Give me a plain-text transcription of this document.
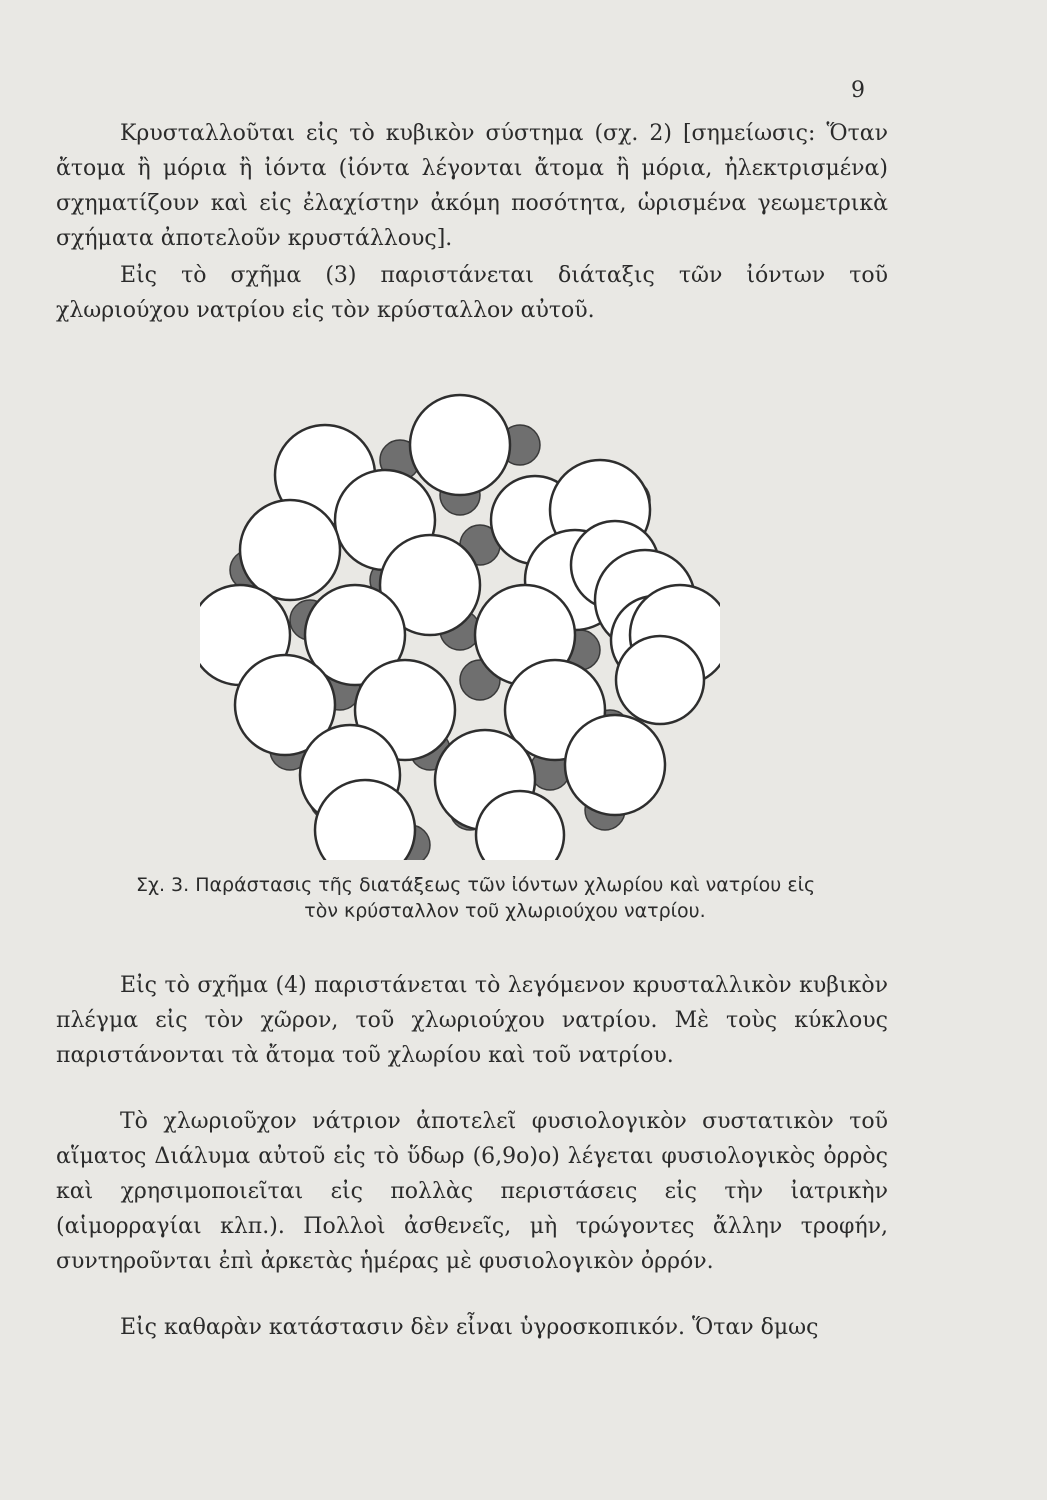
9

Κρυσταλλοῦται εἰς τὸ κυβικὸν σύστημα (σχ. 2) [σημείωσις: Ὅταν ἄτομα ἢ μόρια ἢ ἰόντα (ἰόντα λέγονται ἄτομα ἢ μόρια, ἠλεκτρισμένα) σχηματίζουν καὶ εἰς ἐλαχίστην ἀκόμη ποσότητα, ὡρισμένα γεωμετρικὰ σχήματα ἀποτελοῦν κρυστάλλους].

Εἰς τὸ σχῆμα (3) παριστάνεται διάταξις τῶν ἰόντων τοῦ χλωριούχου νατρίου εἰς τὸν κρύσταλλον αὐτοῦ.

Σχ. 3. Παράστασις τῆς διατάξεως τῶν ἰόντων χλωρίου καὶ νατρίου εἰς
τὸν κρύσταλλον τοῦ χλωριούχου νατρίου.

Εἰς τὸ σχῆμα (4) παριστάνεται τὸ λεγόμενον κρυσταλλικὸν κυβικὸν πλέγμα εἰς τὸν χῶρον, τοῦ χλωριούχου νατρίου. Μὲ τοὺς κύκλους παριστάνονται τὰ ἄτομα τοῦ χλωρίου καὶ τοῦ νατρίου.

Τὸ χλωριοῦχον νάτριον ἀποτελεῖ φυσιολογικὸν συστατικὸν τοῦ αἵματος Διάλυμα αὐτοῦ εἰς τὸ ὕδωρ (6,9ο)ο) λέγεται φυσιολογικὸς ὀρρὸς καὶ χρησιμοποιεῖται εἰς πολλὰς περιστάσεις εἰς τὴν ἰατρικὴν (αἱμορραγίαι κλπ.). Πολλοὶ ἀσθενεῖς, μὴ τρώγοντες ἄλλην τροφήν, συντηροῦνται ἐπὶ ἀρκετὰς ἡμέρας μὲ φυσιολογικὸν ὀρρόν.

Εἰς καθαρὰν κατάστασιν δὲν εἶναι ὑγροσκοπικόν. Ὅταν δμως
